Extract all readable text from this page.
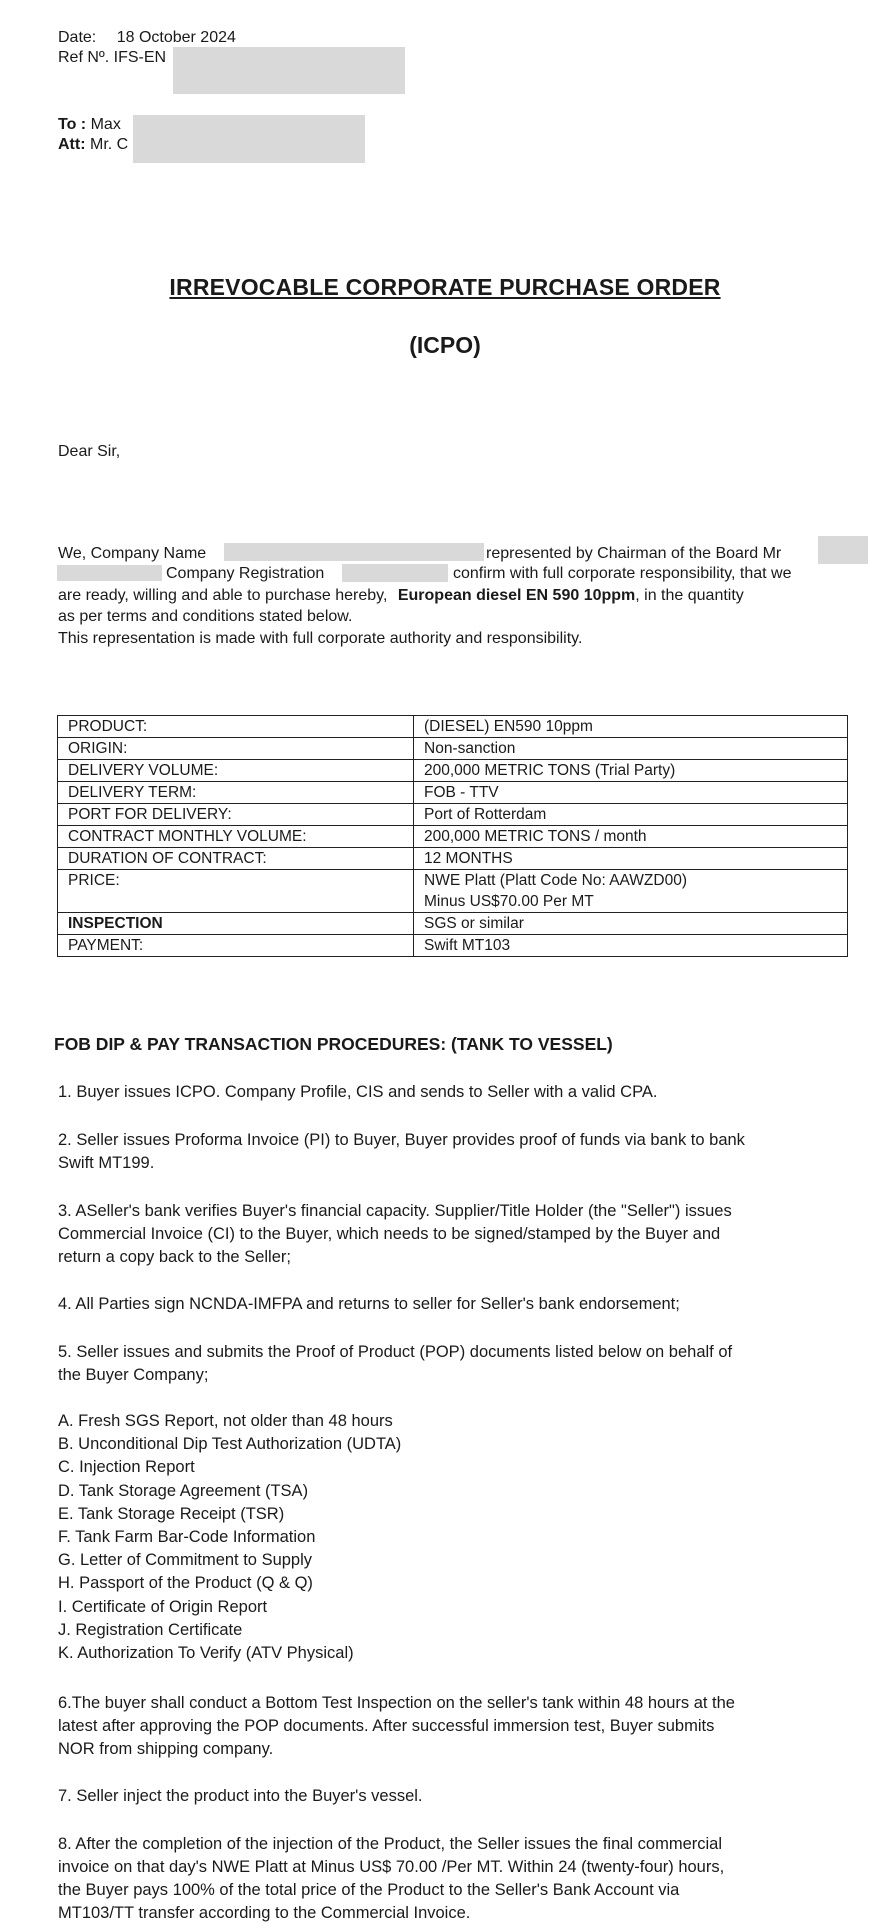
Date: 18 October 2024
Ref Nº. IFS-EN
To : Max
Att: Mr. C
IRREVOCABLE CORPORATE PURCHASE ORDER
(ICPO)
Dear Sir,
We, Company Name	represented by Chairman of the Board Mr
Company Registration	confirm with full corporate responsibility, that we
are ready, willing and able to purchase hereby, European diesel EN 590 10ppm, in the quantity
as per terms and conditions stated below.
This representation is made with full corporate authority and responsibility.
PRODUCT:	(DIESEL) EN590 10ppm
ORIGIN:	Non-sanction
DELIVERY VOLUME:	200,000 METRIC TONS (Trial Party)
DELIVERY TERM:	FOB - TTV
PORT FOR DELIVERY:	Port of Rotterdam
CONTRACT MONTHLY VOLUME:	200,000 METRIC TONS / month
DURATION OF CONTRACT:	12 MONTHS
PRICE:	NWE Platt (Platt Code No: AAWZD00)
Minus US$70.00 Per MT

INSPECTION	SGS or similar
PAYMENT:	Swift MT103
FOB DIP & PAY TRANSACTION PROCEDURES: (TANK TO VESSEL)
1. Buyer issues ICPO. Company Profile, CIS and sends to Seller with a valid CPA.
2. Seller issues Proforma Invoice (PI) to Buyer, Buyer provides proof of funds via bank to bank
Swift MT199.
3. ASeller's bank verifies Buyer's financial capacity. Supplier/Title Holder (the "Seller") issues
Commercial Invoice (CI) to the Buyer, which needs to be signed/stamped by the Buyer and
return a copy back to the Seller;
4. All Parties sign NCNDA-IMFPA and returns to seller for Seller's bank endorsement;
5. Seller issues and submits the Proof of Product (POP) documents listed below on behalf of
the Buyer Company;
A. Fresh SGS Report, not older than 48 hours
B. Unconditional Dip Test Authorization (UDTA)
C. Injection Report
D. Tank Storage Agreement (TSA)
E. Tank Storage Receipt (TSR)
F. Tank Farm Bar-Code Information
G. Letter of Commitment to Supply
H. Passport of the Product (Q & Q)
I. Certificate of Origin Report
J. Registration Certificate
K. Authorization To Verify (ATV Physical)
6.The buyer shall conduct a Bottom Test Inspection on the seller's tank within 48 hours at the
latest after approving the POP documents. After successful immersion test, Buyer submits
NOR from shipping company.
7. Seller inject the product into the Buyer's vessel.
8. After the completion of the injection of the Product, the Seller issues the final commercial
invoice on that day's NWE Platt at Minus US$ 70.00 /Per MT. Within 24 (twenty-four) hours,
the Buyer pays 100% of the total price of the Product to the Seller's Bank Account via
MT103/TT transfer according to the Commercial Invoice.
